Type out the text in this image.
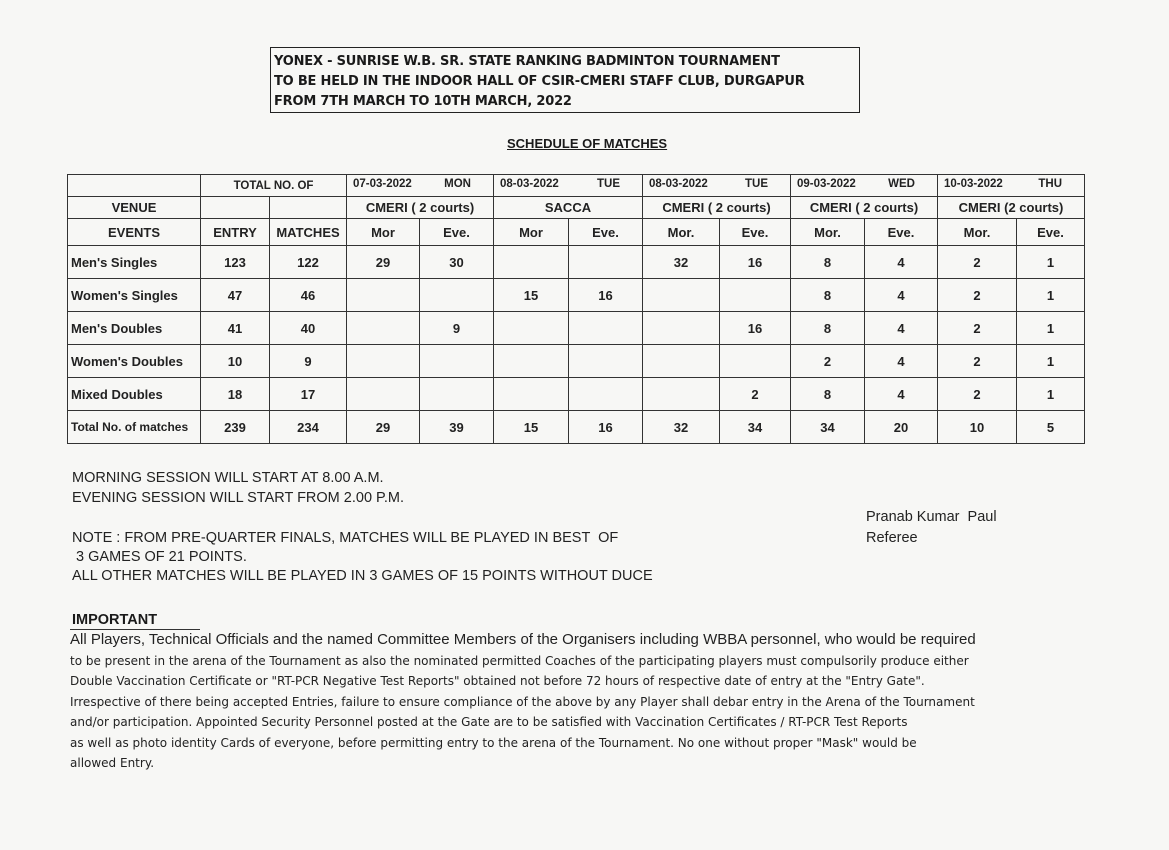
YONEX - SUNRISE W.B. SR. STATE RANKING BADMINTON TOURNAMENT
TO BE HELD IN THE INDOOR HALL OF CSIR-CMERI STAFF CLUB, DURGAPUR
FROM 7TH MARCH TO 10TH MARCH, 2022
SCHEDULE OF MATCHES
	TOTAL NO. OF		07-03-2022 MON		08-03-2022 TUE		08-03-2022 TUE		09-03-2022 WED		10-03-2022 THU	

VENUE			CMERI ( 2 courts)		SACCA		CMERI ( 2 courts)		CMERI ( 2 courts)		CMERI (2 courts)	
EVENTS	ENTRY	MATCHES	Mor	Eve.	Mor	Eve.	Mor.	Eve.	Mor.	Eve.	Mor.	Eve.
Men's Singles	123	122	29	30			32	16	8	4	2	1
Women's Singles	47	46			15	16			8	4	2	1
Men's Doubles	41	40		9				16	8	4	2	1
Women's Doubles	10	9							2	4	2	1
Mixed Doubles	18	17						2	8	4	2	1
Total No. of matches	239	234	29	39	15	16	32	34	34	20	10	5
MORNING SESSION WILL START AT 8.00 A.M.
EVENING SESSION WILL START FROM 2.00 P.M.
NOTE : FROM PRE-QUARTER FINALS, MATCHES WILL BE PLAYED IN BEST  OF
3 GAMES OF 21 POINTS.
ALL OTHER MATCHES WILL BE PLAYED IN 3 GAMES OF 15 POINTS WITHOUT DUCE
Pranab Kumar  Paul
Referee
IMPORTANT
All Players, Technical Officials and the named Committee Members of the Organisers including WBBA personnel, who would be required
to be present in the arena of the Tournament as also the nominated permitted Coaches of the participating players must compulsorily produce either
Double Vaccination Certificate or "RT-PCR Negative Test Reports" obtained not before 72 hours of respective date of entry at the "Entry Gate".
Irrespective of there being accepted Entries, failure to ensure compliance of the above by any Player shall debar entry in the Arena of the Tournament
and/or participation. Appointed Security Personnel posted at the Gate are to be satisfied with Vaccination Certificates / RT-PCR Test Reports
as well as photo identity Cards of everyone, before permitting entry to the arena of the Tournament. No one without proper "Mask" would be
allowed Entry.
